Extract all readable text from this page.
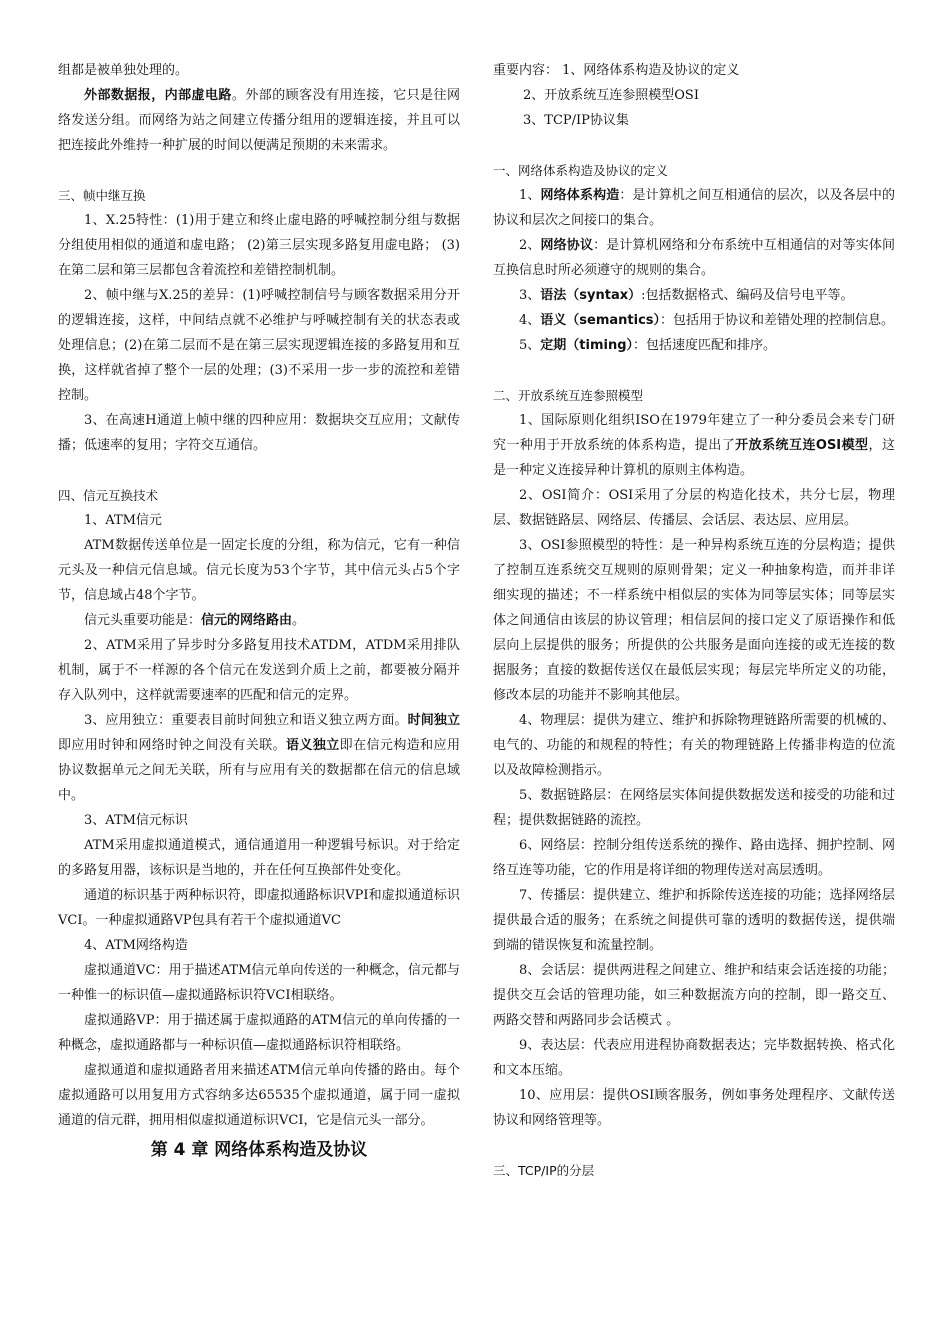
组都是被单独处理的。

外部数据报，内部虚电路。外部的顾客没有用连接，它只是往网络发送分组。而网络为站之间建立传播分组用的逻辑连接，并且可以把连接此外维持一种扩展的时间以便满足预期的未来需求。

三、帧中继互换

1、X.25特性：(1)用于建立和终止虚电路的呼喊控制分组与数据分组使用相似的通道和虚电路； (2)第三层实现多路复用虚电路； (3)在第二层和第三层都包含着流控和差错控制机制。

2、帧中继与X.25的差异：(1)呼喊控制信号与顾客数据采用分开的逻辑连接，这样，中间结点就不必维护与呼喊控制有关的状态表或处理信息；(2)在第二层而不是在第三层实现逻辑连接的多路复用和互换，这样就省掉了整个一层的处理；(3)不采用一步一步的流控和差错控制。

3、在高速H通道上帧中继的四种应用：数据块交互应用；文献传播；低速率的复用；字符交互通信。

四、信元互换技术

1、ATM信元

ATM数据传送单位是一固定长度的分组，称为信元，它有一种信元头及一种信元信息域。信元长度为53个字节，其中信元头占5个字节，信息域占48个字节。

信元头重要功能是：信元的网络路由。

2、ATM采用了异步时分多路复用技术ATDM，ATDM采用排队机制，属于不一样源的各个信元在发送到介质上之前，都要被分隔并存入队列中，这样就需要速率的匹配和信元的定界。

3、应用独立：重要表目前时间独立和语义独立两方面。时间独立即应用时钟和网络时钟之间没有关联。语义独立即在信元构造和应用协议数据单元之间无关联，所有与应用有关的数据都在信元的信息域中。

3、ATM信元标识

ATM采用虚拟通道模式，通信通道用一种逻辑号标识。对于给定的多路复用器，该标识是当地的，并在任何互换部件处变化。

通道的标识基于两种标识符，即虚拟通路标识VPI和虚拟通道标识VCI。一种虚拟通路VP包具有若干个虚拟通道VC

4、ATM网络构造

虚拟通道VC：用于描述ATM信元单向传送的一种概念，信元都与一种惟一的标识值—虚拟通路标识符VCI相联络。

虚拟通路VP：用于描述属于虚拟通路的ATM信元的单向传播的一种概念，虚拟通路都与一种标识值—虚拟通路标识符相联络。

虚拟通道和虚拟通路者用来描述ATM信元单向传播的路由。每个虚拟通路可以用复用方式容纳多达65535个虚拟通道，属于同一虚拟通道的信元群，拥用相似虚拟通道标识VCI，它是信元头一部分。

第 4 章 网络体系构造及协议

重要内容： 1、网络体系构造及协议的定义

2、开放系统互连参照模型OSI

3、TCP/IP协议集

一、网络体系构造及协议的定义

1、网络体系构造：是计算机之间互相通信的层次，以及各层中的协议和层次之间接口的集合。

2、网络协议：是计算机网络和分布系统中互相通信的对等实体间互换信息时所必须遵守的规则的集合。

3、语法（syntax）:包括数据格式、编码及信号电平等。

4、语义（semantics）：包括用于协议和差错处理的控制信息。

5、定期（timing）：包括速度匹配和排序。

二、开放系统互连参照模型

1、国际原则化组织ISO在1979年建立了一种分委员会来专门研究一种用于开放系统的体系构造，提出了开放系统互连OSI模型，这是一种定义连接异种计算机的原则主体构造。

2、OSI简介：OSI采用了分层的构造化技术，共分七层，物理层、数据链路层、网络层、传播层、会话层、表达层、应用层。

3、OSI参照模型的特性：是一种异构系统互连的分层构造；提供了控制互连系统交互规则的原则骨架；定义一种抽象构造，而并非详细实现的描述；不一样系统中相似层的实体为同等层实体；同等层实体之间通信由该层的协议管理；相信层间的接口定义了原语操作和低层向上层提供的服务；所提供的公共服务是面向连接的或无连接的数据服务；直接的数据传送仅在最低层实现；每层完毕所定义的功能，修改本层的功能并不影响其他层。

4、物理层：提供为建立、维护和拆除物理链路所需要的机械的、电气的、功能的和规程的特性；有关的物理链路上传播非构造的位流以及故障检测指示。

5、数据链路层：在网络层实体间提供数据发送和接受的功能和过程；提供数据链路的流控。

6、网络层：控制分组传送系统的操作、路由选择、拥护控制、网络互连等功能，它的作用是将详细的物理传送对高层透明。

7、传播层：提供建立、维护和拆除传送连接的功能；选择网络层提供最合适的服务；在系统之间提供可靠的透明的数据传送，提供端到端的错误恢复和流量控制。

8、会话层：提供两进程之间建立、维护和结束会话连接的功能；提供交互会话的管理功能，如三种数据流方向的控制，即一路交互、两路交替和两路同步会话模式 。

9、表达层：代表应用进程协商数据表达；完毕数据转换、格式化和文本压缩。

10、应用层：提供OSI顾客服务，例如事务处理程序、文献传送协议和网络管理等。

三、TCP/IP的分层
